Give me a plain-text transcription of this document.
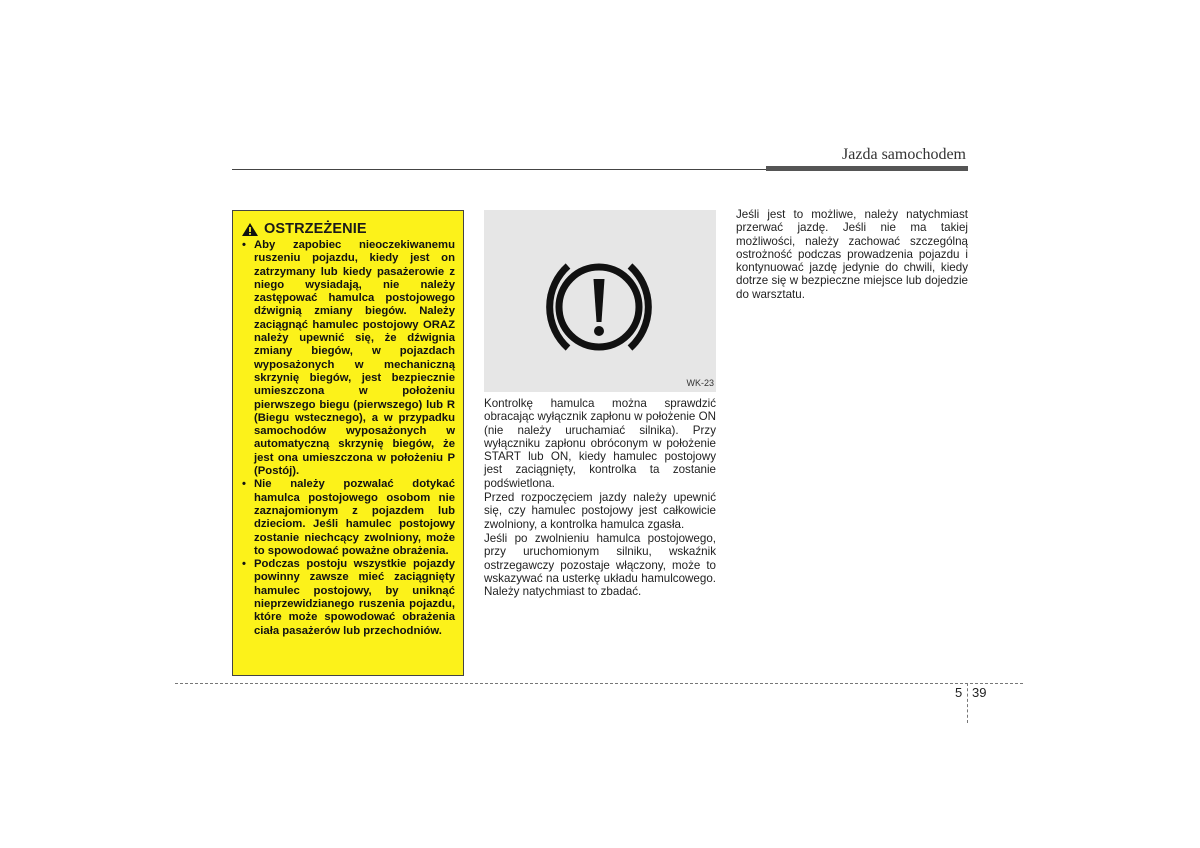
Jazda samochodem
OSTRZEŻENIE
• Aby zapobiec nieoczekiwanemu ruszeniu pojazdu, kiedy jest on zatrzymany lub kiedy pasażerowie z niego wysiadają, nie należy zastępować hamulca postojowego dźwignią zmiany biegów. Należy zaciągnąć hamulec postojowy ORAZ należy upewnić się, że dźwignia zmiany biegów, w pojazdach wyposażonych w mechaniczną skrzynię biegów, jest bezpiecznie umieszczona w położeniu pierwszego biegu (pierwszego) lub R (Biegu wstecznego), a w przypadku samochodów wyposażonych w automatyczną skrzynię biegów, że jest ona umieszczona w położeniu P (Postój).
• Nie należy pozwalać dotykać hamulca postojowego osobom nie zaznajomionym z pojazdem lub dzieciom. Jeśli hamulec postojowy zostanie niechcący zwolniony, może to spowodować poważne obrażenia.
• Podczas postoju wszystkie pojazdy powinny zawsze mieć zaciągnięty hamulec postojowy, by uniknąć nieprzewidzianego ruszenia pojazdu, które może spowodować obrażenia ciała pasażerów lub przechodniów.
WK-23

Kontrolkę hamulca można sprawdzić obracając wyłącznik zapłonu w położenie ON (nie należy uruchamiać silnika). Przy wyłączniku zapłonu obróconym w położenie START lub ON, kiedy hamulec postojowy jest zaciągnięty, kontrolka ta zostanie podświetlona.

Przed rozpoczęciem jazdy należy upewnić się, czy hamulec postojowy jest całkowicie zwolniony, a kontrolka hamulca zgasła.

Jeśli po zwolnieniu hamulca postojowego, przy uruchomionym silniku, wskaźnik ostrzegawczy pozostaje włączony, może to wskazywać na usterkę układu hamulcowego. Należy natychmiast to zbadać.

Jeśli jest to możliwe, należy natychmiast przerwać jazdę. Jeśli nie ma takiej możliwości, należy zachować szczególną ostrożność podczas prowadzenia pojazdu i kontynuować jazdę jedynie do chwili, kiedy dotrze się w bezpieczne miejsce lub dojedzie do warsztatu.

5 39
